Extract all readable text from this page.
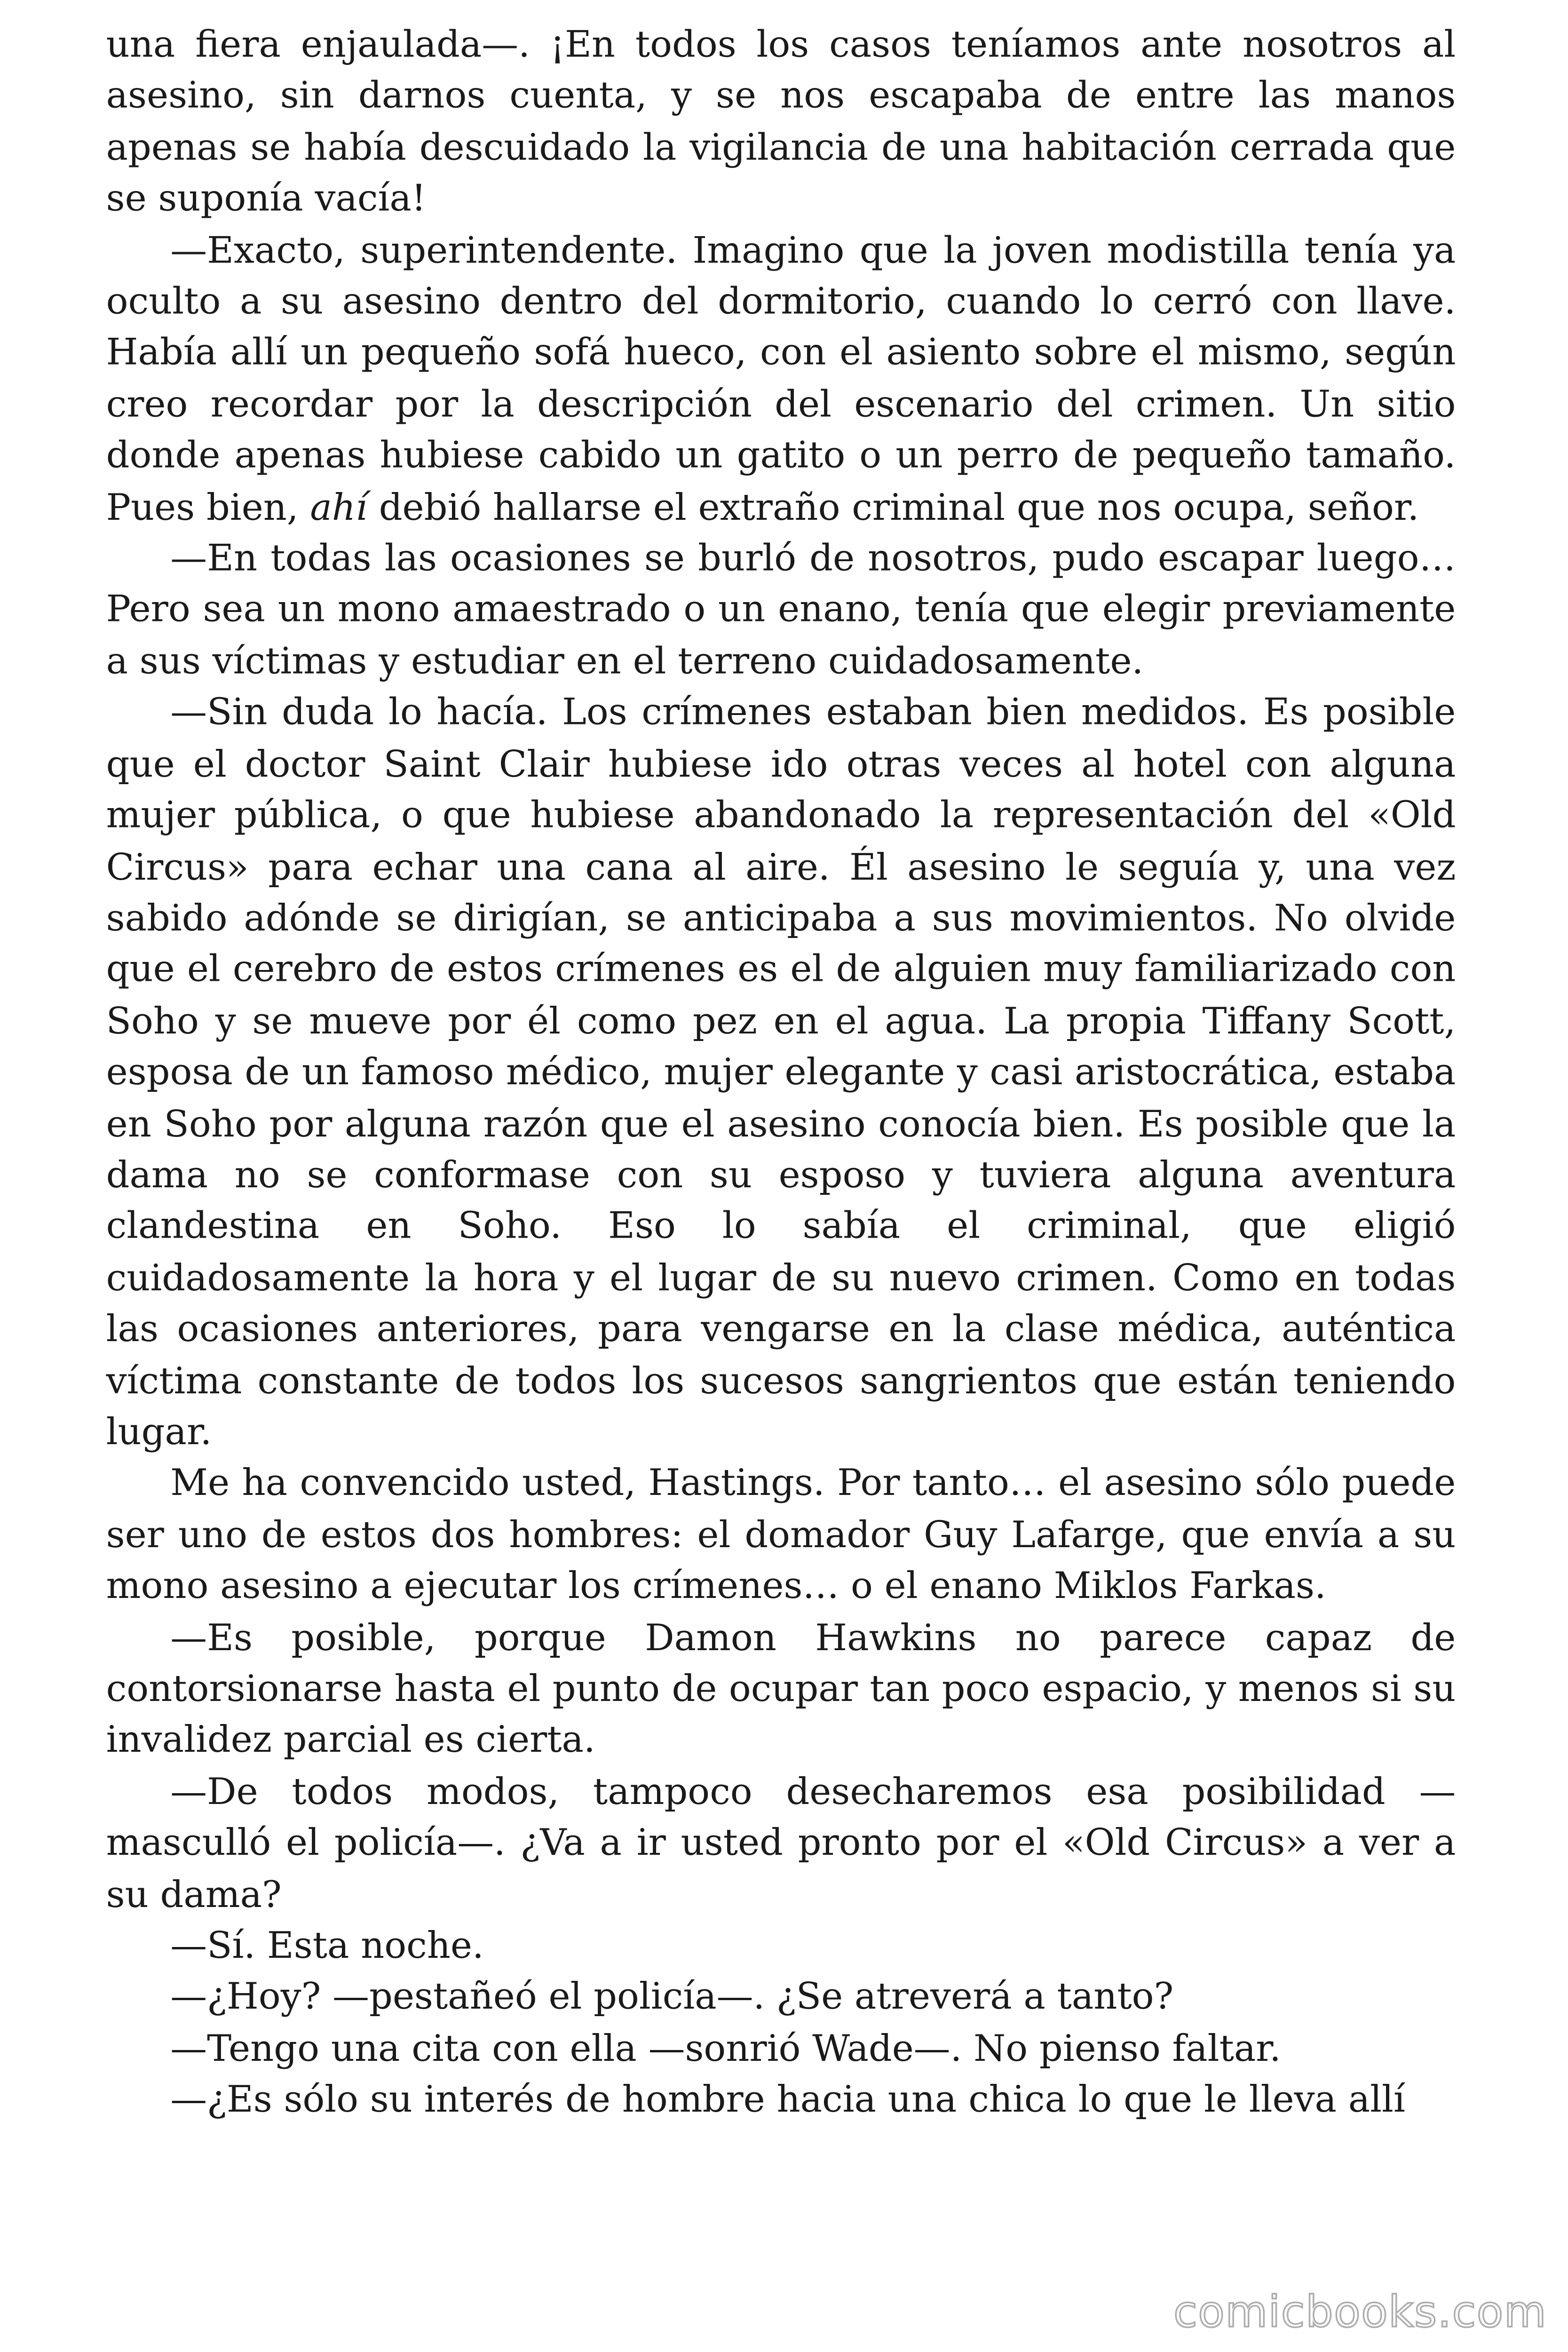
una fiera enjaulada—. ¡En todos los casos teníamos ante nosotros al asesino, sin darnos cuenta, y se nos escapaba de entre las manos apenas se había descuidado la vigilancia de una habitación cerrada que se suponía vacía!

—Exacto, superintendente. Imagino que la joven modistilla tenía ya oculto a su asesino dentro del dormitorio, cuando lo cerró con llave. Había allí un pequeño sofá hueco, con el asiento sobre el mismo, según creo recordar por la descripción del escenario del crimen. Un sitio donde apenas hubiese cabido un gatito o un perro de pequeño tamaño. Pues bien, ahí debió hallarse el extraño criminal que nos ocupa, señor.

—En todas las ocasiones se burló de nosotros, pudo escapar luego… Pero sea un mono amaestrado o un enano, tenía que elegir previamente a sus víctimas y estudiar en el terreno cuidadosamente.

—Sin duda lo hacía. Los crímenes estaban bien medidos. Es posible que el doctor Saint Clair hubiese ido otras veces al hotel con alguna mujer pública, o que hubiese abandonado la representación del «Old Circus» para echar una cana al aire. Él asesino le seguía y, una vez sabido adónde se dirigían, se anticipaba a sus movimientos. No olvide que el cerebro de estos crímenes es el de alguien muy familiarizado con Soho y se mueve por él como pez en el agua. La propia Tiffany Scott, esposa de un famoso médico, mujer elegante y casi aristocrática, estaba en Soho por alguna razón que el asesino conocía bien. Es posible que la dama no se conformase con su esposo y tuviera alguna aventura clandestina en Soho. Eso lo sabía el criminal, que eligió cuidadosamente la hora y el lugar de su nuevo crimen. Como en todas las ocasiones anteriores, para vengarse en la clase médica, auténtica víctima constante de todos los sucesos sangrientos que están teniendo lugar.

Me ha convencido usted, Hastings. Por tanto… el asesino sólo puede ser uno de estos dos hombres: el domador Guy Lafarge, que envía a su mono asesino a ejecutar los crímenes… o el enano Miklos Farkas.

—Es posible, porque Damon Hawkins no parece capaz de contorsionarse hasta el punto de ocupar tan poco espacio, y menos si su invalidez parcial es cierta.

—De todos modos, tampoco desecharemos esa posibilidad —masculló el policía—. ¿Va a ir usted pronto por el «Old Circus» a ver a su dama?

—Sí. Esta noche.

—¿Hoy? —pestañeó el policía—. ¿Se atreverá a tanto?

—Tengo una cita con ella —sonrió Wade—. No pienso faltar.

—¿Es sólo su interés de hombre hacia una chica lo que le lleva allí

comicbooks.com
